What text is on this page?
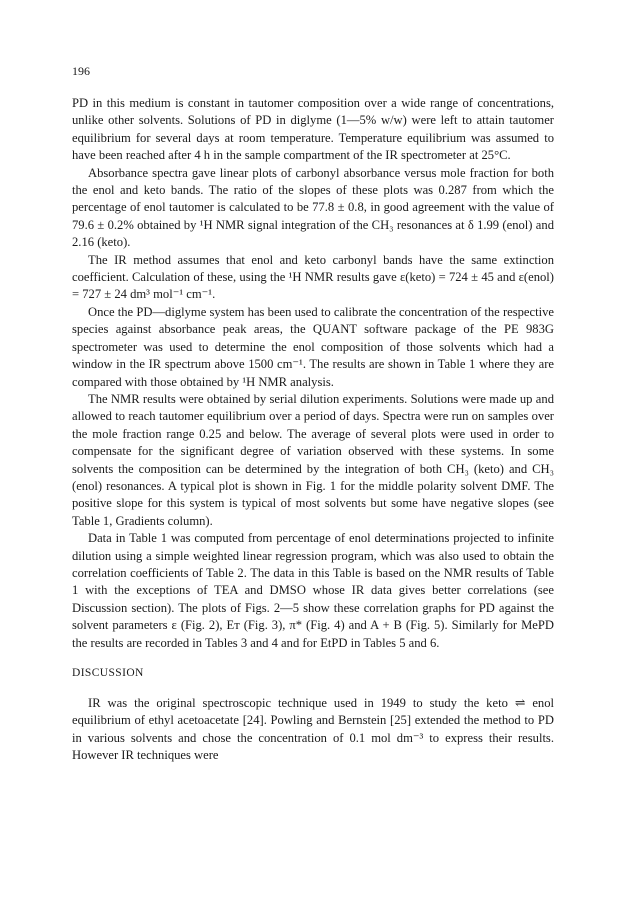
196

PD in this medium is constant in tautomer composition over a wide range of concentrations, unlike other solvents. Solutions of PD in diglyme (1—5% w/w) were left to attain tautomer equilibrium for several days at room temperature. Temperature equilibrium was assumed to have been reached after 4 h in the sample compartment of the IR spectrometer at 25°C.

Absorbance spectra gave linear plots of carbonyl absorbance versus mole fraction for both the enol and keto bands. The ratio of the slopes of these plots was 0.287 from which the percentage of enol tautomer is calculated to be 77.8 ± 0.8, in good agreement with the value of 79.6 ± 0.2% obtained by ¹H NMR signal integration of the CH₃ resonances at δ 1.99 (enol) and 2.16 (keto).

The IR method assumes that enol and keto carbonyl bands have the same extinction coefficient. Calculation of these, using the ¹H NMR results gave ε(keto) = 724 ± 45 and ε(enol) = 727 ± 24 dm³ mol⁻¹ cm⁻¹.

Once the PD—diglyme system has been used to calibrate the concentration of the respective species against absorbance peak areas, the QUANT software package of the PE 983G spectrometer was used to determine the enol composition of those solvents which had a window in the IR spectrum above 1500 cm⁻¹. The results are shown in Table 1 where they are compared with those obtained by ¹H NMR analysis.

The NMR results were obtained by serial dilution experiments. Solutions were made up and allowed to reach tautomer equilibrium over a period of days. Spectra were run on samples over the mole fraction range 0.25 and below. The average of several plots were used in order to compensate for the significant degree of variation observed with these systems. In some solvents the composition can be determined by the integration of both CH₃ (keto) and CH₃ (enol) resonances. A typical plot is shown in Fig. 1 for the middle polarity solvent DMF. The positive slope for this system is typical of most solvents but some have negative slopes (see Table 1, Gradients column).

Data in Table 1 was computed from percentage of enol determinations projected to infinite dilution using a simple weighted linear regression program, which was also used to obtain the correlation coefficients of Table 2. The data in this Table is based on the NMR results of Table 1 with the exceptions of TEA and DMSO whose IR data gives better correlations (see Discussion section). The plots of Figs. 2—5 show these correlation graphs for PD against the solvent parameters ε (Fig. 2), Eᴛ (Fig. 3), π* (Fig. 4) and A + B (Fig. 5). Similarly for MePD the results are recorded in Tables 3 and 4 and for EtPD in Tables 5 and 6.

DISCUSSION

IR was the original spectroscopic technique used in 1949 to study the keto ⇌ enol equilibrium of ethyl acetoacetate [24]. Powling and Bernstein [25] extended the method to PD in various solvents and chose the concentration of 0.1 mol dm⁻³ to express their results. However IR techniques were
